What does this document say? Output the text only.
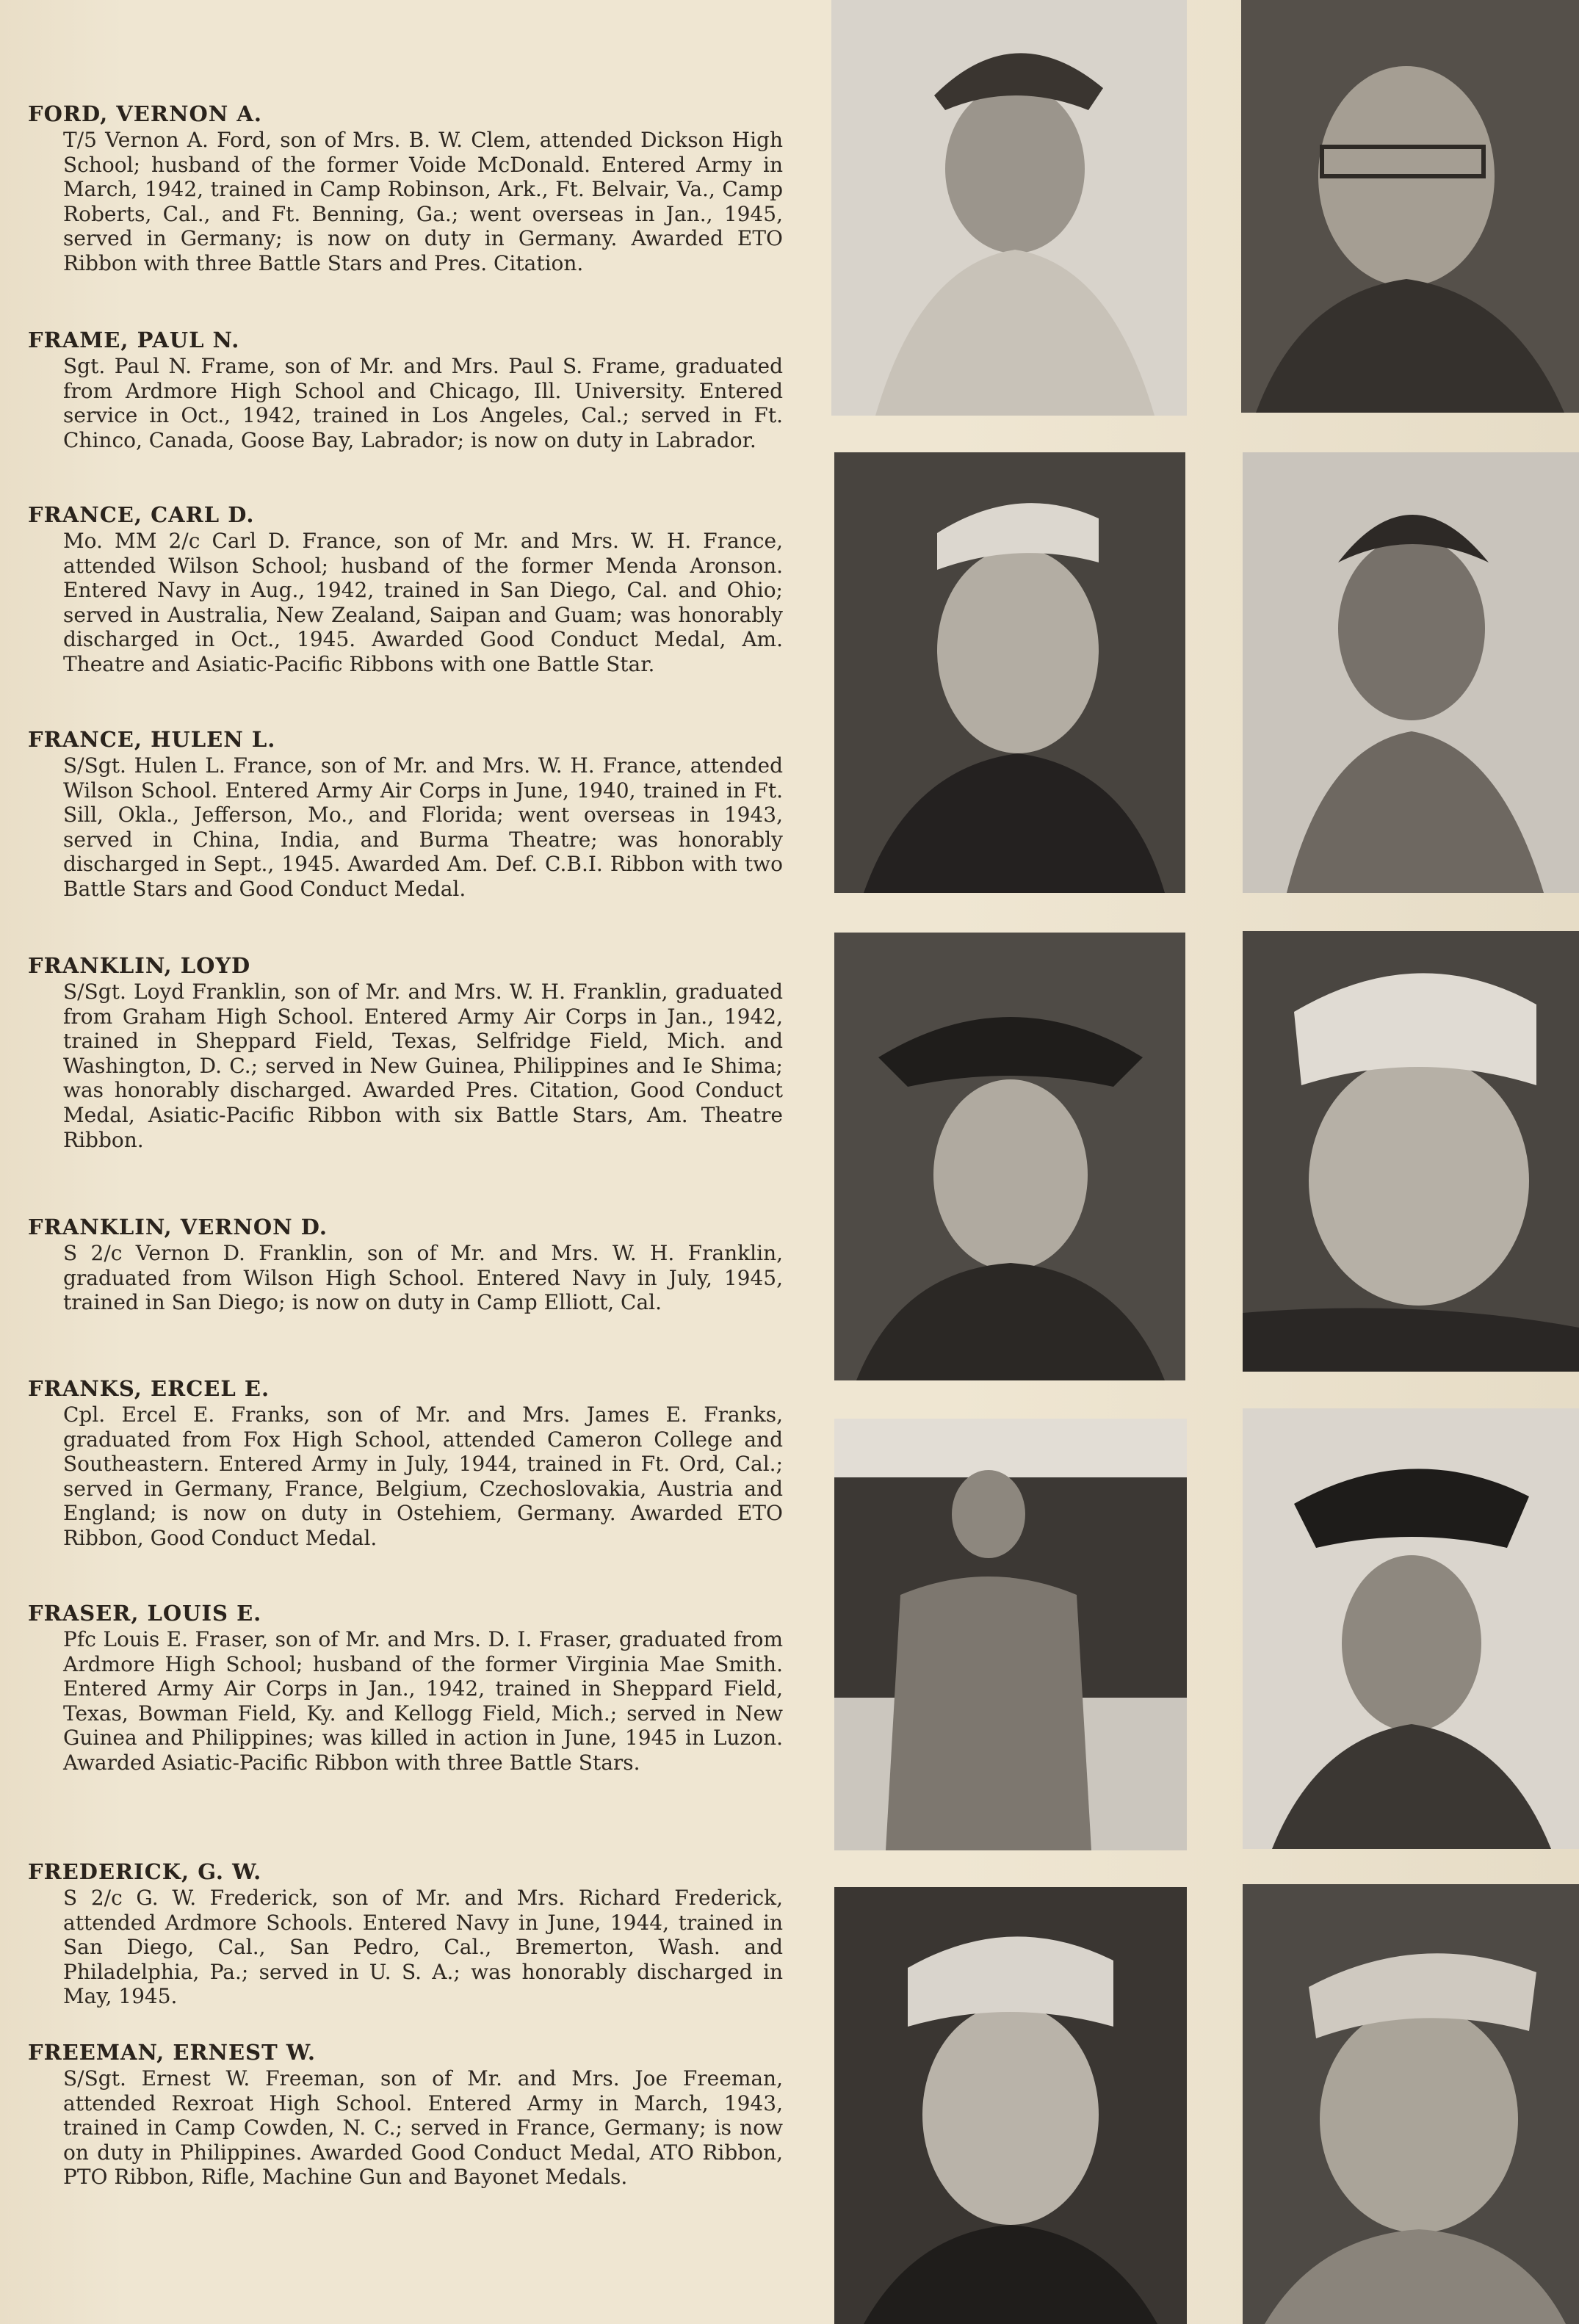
FORD, VERNON A.
T/5 Vernon A. Ford, son of Mrs. B. W. Clem, attended Dickson High School; husband of the former Voide McDonald. Entered Army in March, 1942, trained in Camp Robinson, Ark., Ft. Belvair, Va., Camp Roberts, Cal., and Ft. Benning, Ga.; went overseas in Jan., 1945, served in Germany; is now on duty in Germany. Awarded ETO Ribbon with three Battle Stars and Pres. Citation.
FRAME, PAUL N.
Sgt. Paul N. Frame, son of Mr. and Mrs. Paul S. Frame, graduated from Ardmore High School and Chicago, Ill. University. Entered service in Oct., 1942, trained in Los Angeles, Cal.; served in Ft. Chinco, Canada, Goose Bay, Labrador; is now on duty in Labrador.
FRANCE, CARL D.
Mo. MM 2/c Carl D. France, son of Mr. and Mrs. W. H. France, attended Wilson School; husband of the former Menda Aronson. Entered Navy in Aug., 1942, trained in San Diego, Cal. and Ohio; served in Australia, New Zealand, Saipan and Guam; was honorably discharged in Oct., 1945. Awarded Good Conduct Medal, Am. Theatre and Asiatic-Pacific Ribbons with one Battle Star.
FRANCE, HULEN L.
S/Sgt. Hulen L. France, son of Mr. and Mrs. W. H. France, attended Wilson School. Entered Army Air Corps in June, 1940, trained in Ft. Sill, Okla., Jefferson, Mo., and Florida; went overseas in 1943, served in China, India, and Burma Theatre; was honorably discharged in Sept., 1945. Awarded Am. Def. C.B.I. Ribbon with two Battle Stars and Good Conduct Medal.
FRANKLIN, LOYD
S/Sgt. Loyd Franklin, son of Mr. and Mrs. W. H. Franklin, graduated from Graham High School. Entered Army Air Corps in Jan., 1942, trained in Sheppard Field, Texas, Selfridge Field, Mich. and Washington, D. C.; served in New Guinea, Philippines and Ie Shima; was honorably discharged. Awarded Pres. Citation, Good Conduct Medal, Asiatic-Pacific Ribbon with six Battle Stars, Am. Theatre Ribbon.
FRANKLIN, VERNON D.
S 2/c Vernon D. Franklin, son of Mr. and Mrs. W. H. Franklin, graduated from Wilson High School. Entered Navy in July, 1945, trained in San Diego; is now on duty in Camp Elliott, Cal.
FRANKS, ERCEL E.
Cpl. Ercel E. Franks, son of Mr. and Mrs. James E. Franks, graduated from Fox High School, attended Cameron College and Southeastern. Entered Army in July, 1944, trained in Ft. Ord, Cal.; served in Germany, France, Belgium, Czechoslovakia, Austria and England; is now on duty in Ostehiem, Germany. Awarded ETO Ribbon, Good Conduct Medal.
FRASER, LOUIS E.
Pfc Louis E. Fraser, son of Mr. and Mrs. D. I. Fraser, graduated from Ardmore High School; husband of the former Virginia Mae Smith. Entered Army Air Corps in Jan., 1942, trained in Sheppard Field, Texas, Bowman Field, Ky. and Kellogg Field, Mich.; served in New Guinea and Philippines; was killed in action in June, 1945 in Luzon. Awarded Asiatic-Pacific Ribbon with three Battle Stars.
FREDERICK, G. W.
S 2/c G. W. Frederick, son of Mr. and Mrs. Richard Frederick, attended Ardmore Schools. Entered Navy in June, 1944, trained in San Diego, Cal., San Pedro, Cal., Bremerton, Wash. and Philadelphia, Pa.; served in U. S. A.; was honorably discharged in May, 1945.
FREEMAN, ERNEST W.
S/Sgt. Ernest W. Freeman, son of Mr. and Mrs. Joe Freeman, attended Rexroat High School. Entered Army in March, 1943, trained in Camp Cowden, N. C.; served in France, Germany; is now on duty in Philippines. Awarded Good Conduct Medal, ATO Ribbon, PTO Ribbon, Rifle, Machine Gun and Bayonet Medals.
